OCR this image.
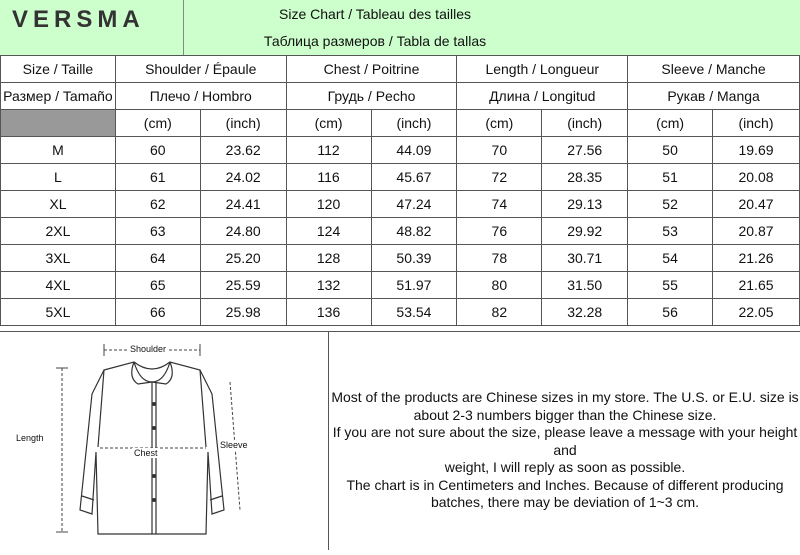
VERSMA	Size Chart / Tableau des tailles
Таблица размеров / Tabla de tallas
Size / Taille	Shoulder / Épaule		Chest / Poitrine		Length / Longueur		Sleeve / Manche	
Размер / Tamaño	Плечо / Hombro		Грудь / Pecho		Длина / Longitud		Рукав / Manga	
	(cm)	(inch)	(cm)	(inch)	(cm)	(inch)	(cm)	(inch)
M	60	23.62	112	44.09	70	27.56	50	19.69
L	61	24.02	116	45.67	72	28.35	51	20.08
XL	62	24.41	120	47.24	74	29.13	52	20.47
2XL	63	24.80	124	48.82	76	29.92	53	20.87
3XL	64	25.20	128	50.39	78	30.71	54	21.26
4XL	65	25.59	132	51.97	80	31.50	55	21.65
5XL	66	25.98	136	53.54	82	32.28	56	22.05
Shoulder
Length
Chest
Sleeve
Most of the products are Chinese sizes in my store. The U.S. or E.U. size is
about 2-3 numbers bigger than the Chinese size.
If you are not sure about the size, please leave a message with your height and
weight, I will reply as soon as possible.
The chart is in Centimeters and Inches. Because of different producing
batches, there may be deviation of 1~3 cm.
